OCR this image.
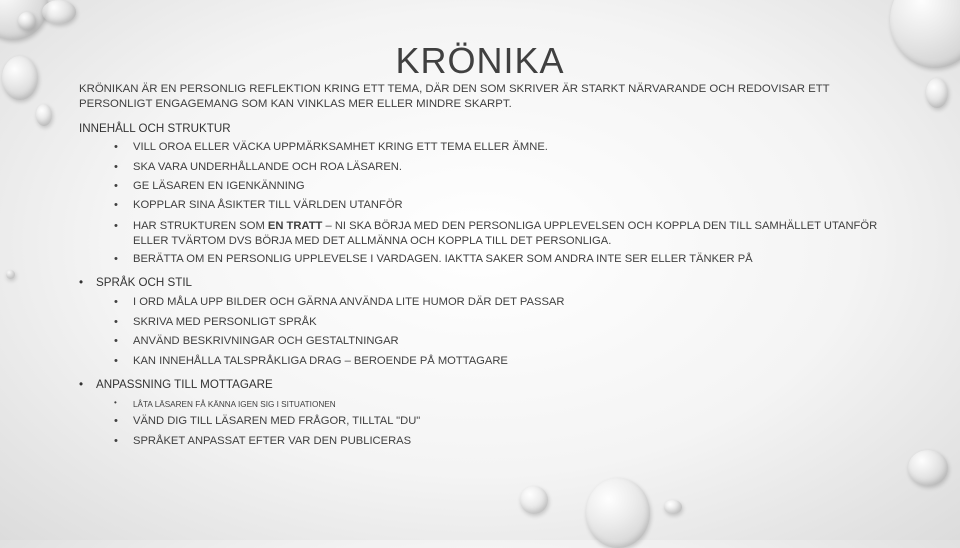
KRÖNIKA
KRÖNIKAN ÄR EN PERSONLIG REFLEKTION KRING ETT TEMA, DÄR DEN SOM SKRIVER ÄR STARKT NÄRVARANDE OCH REDOVISAR ETT PERSONLIGT ENGAGEMANG SOM KAN VINKLAS MER ELLER MINDRE SKARPT.
INNEHÅLL OCH STRUKTUR
• VILL OROA ELLER VÄCKA UPPMÄRKSAMHET KRING ETT TEMA ELLER ÄMNE.
• SKA VARA UNDERHÅLLANDE OCH ROA LÄSAREN.
• GE LÄSAREN EN IGENKÄNNING
• KOPPLAR SINA ÅSIKTER TILL VÄRLDEN UTANFÖR
• HAR STRUKTUREN SOM EN TRATT – NI SKA BÖRJA MED DEN PERSONLIGA UPPLEVELSEN OCH KOPPLA DEN TILL SAMHÄLLET UTANFÖR ELLER TVÄRTOM DVS BÖRJA MED DET ALLMÄNNA OCH KOPPLA TILL DET PERSONLIGA.
• BERÄTTA OM EN PERSONLIG UPPLEVELSE I VARDAGEN. IAKTTA SAKER SOM ANDRA INTE SER ELLER TÄNKER PÅ
• SPRÅK OCH STIL
• I ORD MÅLA UPP BILDER OCH GÄRNA ANVÄNDA LITE HUMOR DÄR DET PASSAR
• SKRIVA MED PERSONLIGT SPRÅK
• ANVÄND BESKRIVNINGAR OCH GESTALTNINGAR
• KAN INNEHÅLLA TALSPRÅKLIGA DRAG – BEROENDE PÅ MOTTAGARE
• ANPASSNING TILL MOTTAGARE
• LÅTA LÄSAREN FÅ KÄNNA IGEN SIG I SITUATIONEN
• VÄND DIG TILL LÄSAREN MED FRÅGOR, TILLTAL "DU"
• SPRÅKET ANPASSAT EFTER VAR DEN PUBLICERAS
